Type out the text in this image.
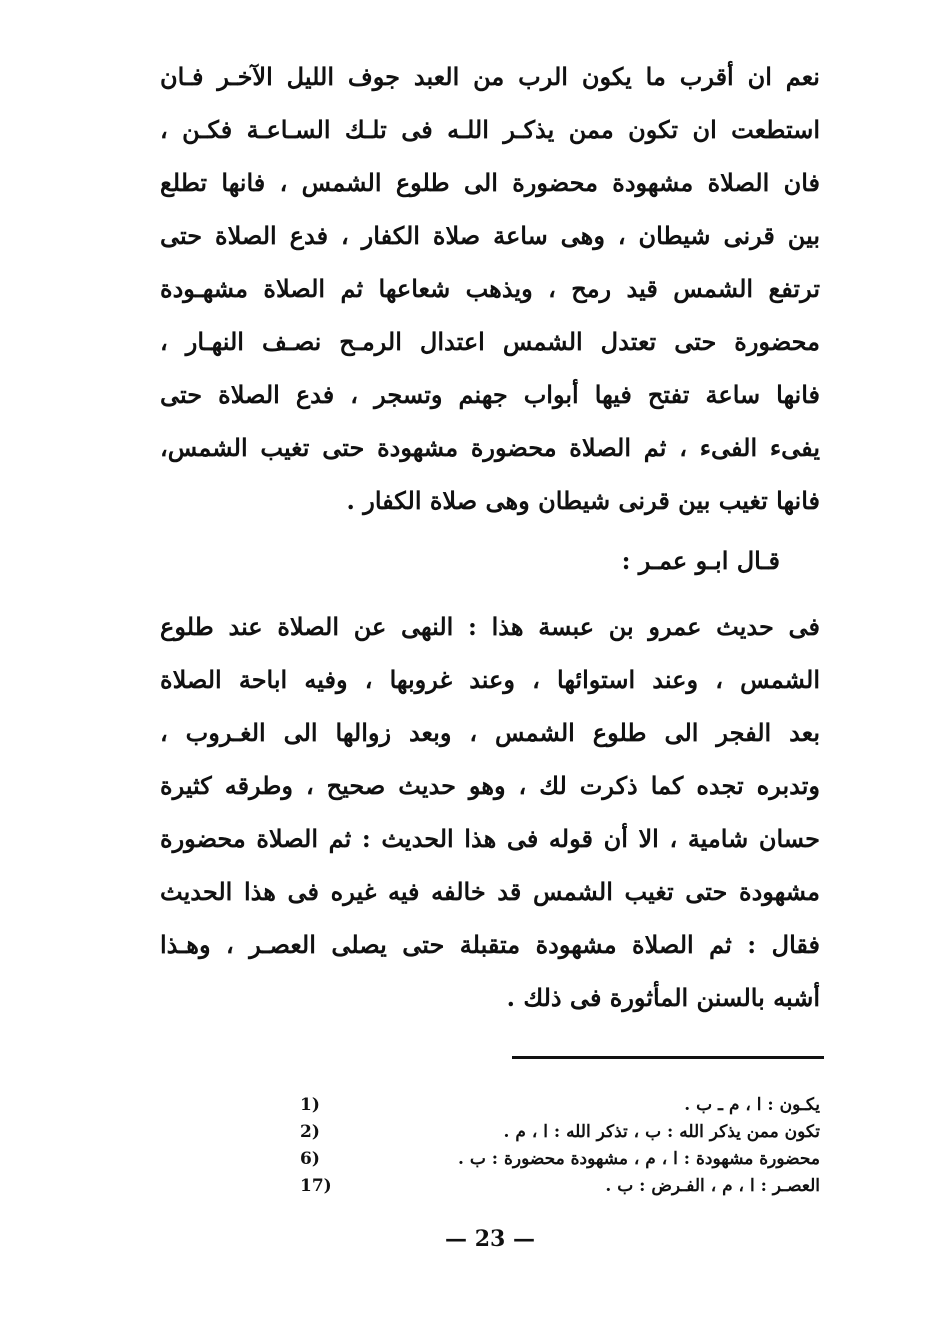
نعم ان أقرب ما يكون الرب من العبد جوف الليل الآخـر فـان
استطعت ان تكون ممن يذكـر اللـه فى تلـك السـاعـة فكـن ،
فان الصلاة مشهودة محضورة الى طلوع الشمس ، فانها تطلع
بين قرنى شيطان ، وهى ساعة صلاة الكفار ، فدع الصلاة حتى
ترتفع الشمس قيد رمح ، ويذهب شعاعها ثم الصلاة مشهـودة
محضورة حتى تعتدل الشمس اعتدال الرمـح نصـف النهـار ،
فانها ساعة تفتح فيها أبواب جهنم وتسجر ، فدع الصلاة حتى
يفىء الفىء ، ثم الصلاة محضورة مشهودة حتى تغيب الشمس،
فانها تغيب بين قرنى شيطان وهى صلاة الكفار .
قـال ابـو عمـر :
فى حديث عمرو بن عبسة هذا : النهى عن الصلاة عند طلوع
الشمس ، وعند استوائها ، وعند غروبها ، وفيه اباحة الصلاة
بعد الفجر الى طلوع الشمس ، وبعد زوالها الى الغـروب ،
وتدبره تجده كما ذكرت لك ، وهو حديث صحيح ، وطرقه كثيرة
حسان شامية ، الا أن قوله فى هذا الحديث : ثم الصلاة محضورة
مشهودة حتى تغيب الشمس قد خالفه فيه غيره فى هذا الحديث
فقال : ثم الصلاة مشهودة متقبلة حتى يصلى العصـر ، وهـذا
أشبه بالسنن المأثورة فى ذلك .
يكـون : ا ، م ـ ب .
1)
تكون ممن يذكر الله : ب ، تذكر الله : ا ، م .
2)
محضورة مشهودة : ا ، م ، مشهودة محضورة : ب .
6)
العصـر : ا ، م ، الفـرض : ب .
17)
— 23 —
